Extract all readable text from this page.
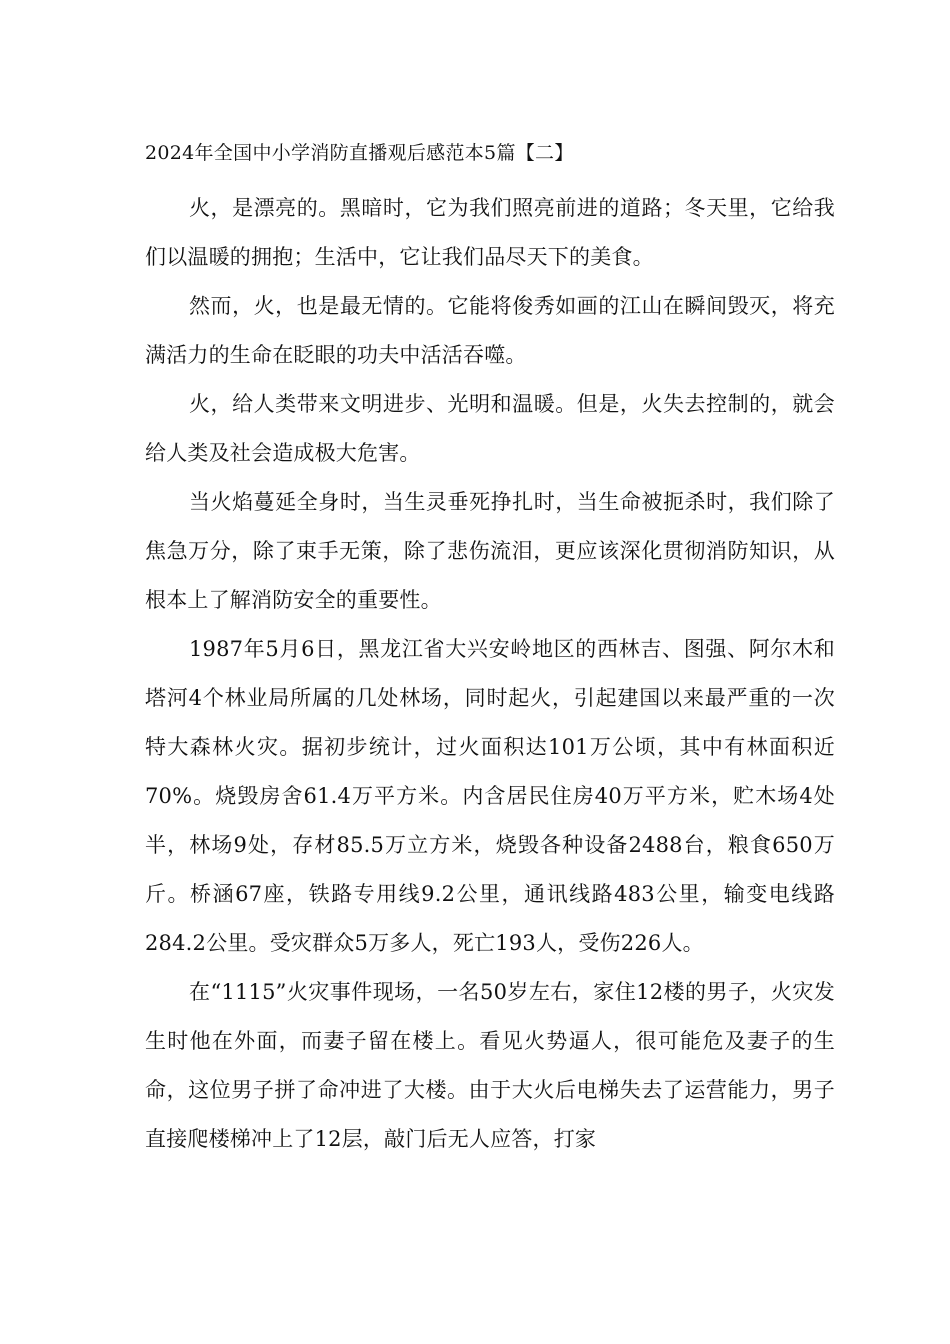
2024年全国中小学消防直播观后感范本5篇【二】

火，是漂亮的。黑暗时，它为我们照亮前进的道路；冬天里，它给我们以温暖的拥抱；生活中，它让我们品尽天下的美食。

然而，火，也是最无情的。它能将俊秀如画的江山在瞬间毁灭，将充满活力的生命在眨眼的功夫中活活吞噬。

火，给人类带来文明进步、光明和温暖。但是，火失去控制的，就会给人类及社会造成极大危害。

当火焰蔓延全身时，当生灵垂死挣扎时，当生命被扼杀时，我们除了焦急万分，除了束手无策，除了悲伤流泪，更应该深化贯彻消防知识，从根本上了解消防安全的重要性。

1987年5月6日，黑龙江省大兴安岭地区的西林吉、图强、阿尔木和塔河4个林业局所属的几处林场，同时起火，引起建国以来最严重的一次特大森林火灾。据初步统计，过火面积达101万公顷，其中有林面积近70%。烧毁房舍61.4万平方米。内含居民住房40万平方米，贮木场4处半，林场9处，存材85.5万立方米，烧毁各种设备2488台，粮食650万斤。桥涵67座，铁路专用线9.2公里，通讯线路483公里，输变电线路284.2公里。受灾群众5万多人，死亡193人，受伤226人。

在“1115”火灾事件现场，一名50岁左右，家住12楼的男子，火灾发生时他在外面，而妻子留在楼上。看见火势逼人，很可能危及妻子的生命，这位男子拼了命冲进了大楼。由于大火后电梯失去了运营能力，男子直接爬楼梯冲上了12层，敲门后无人应答，打家
